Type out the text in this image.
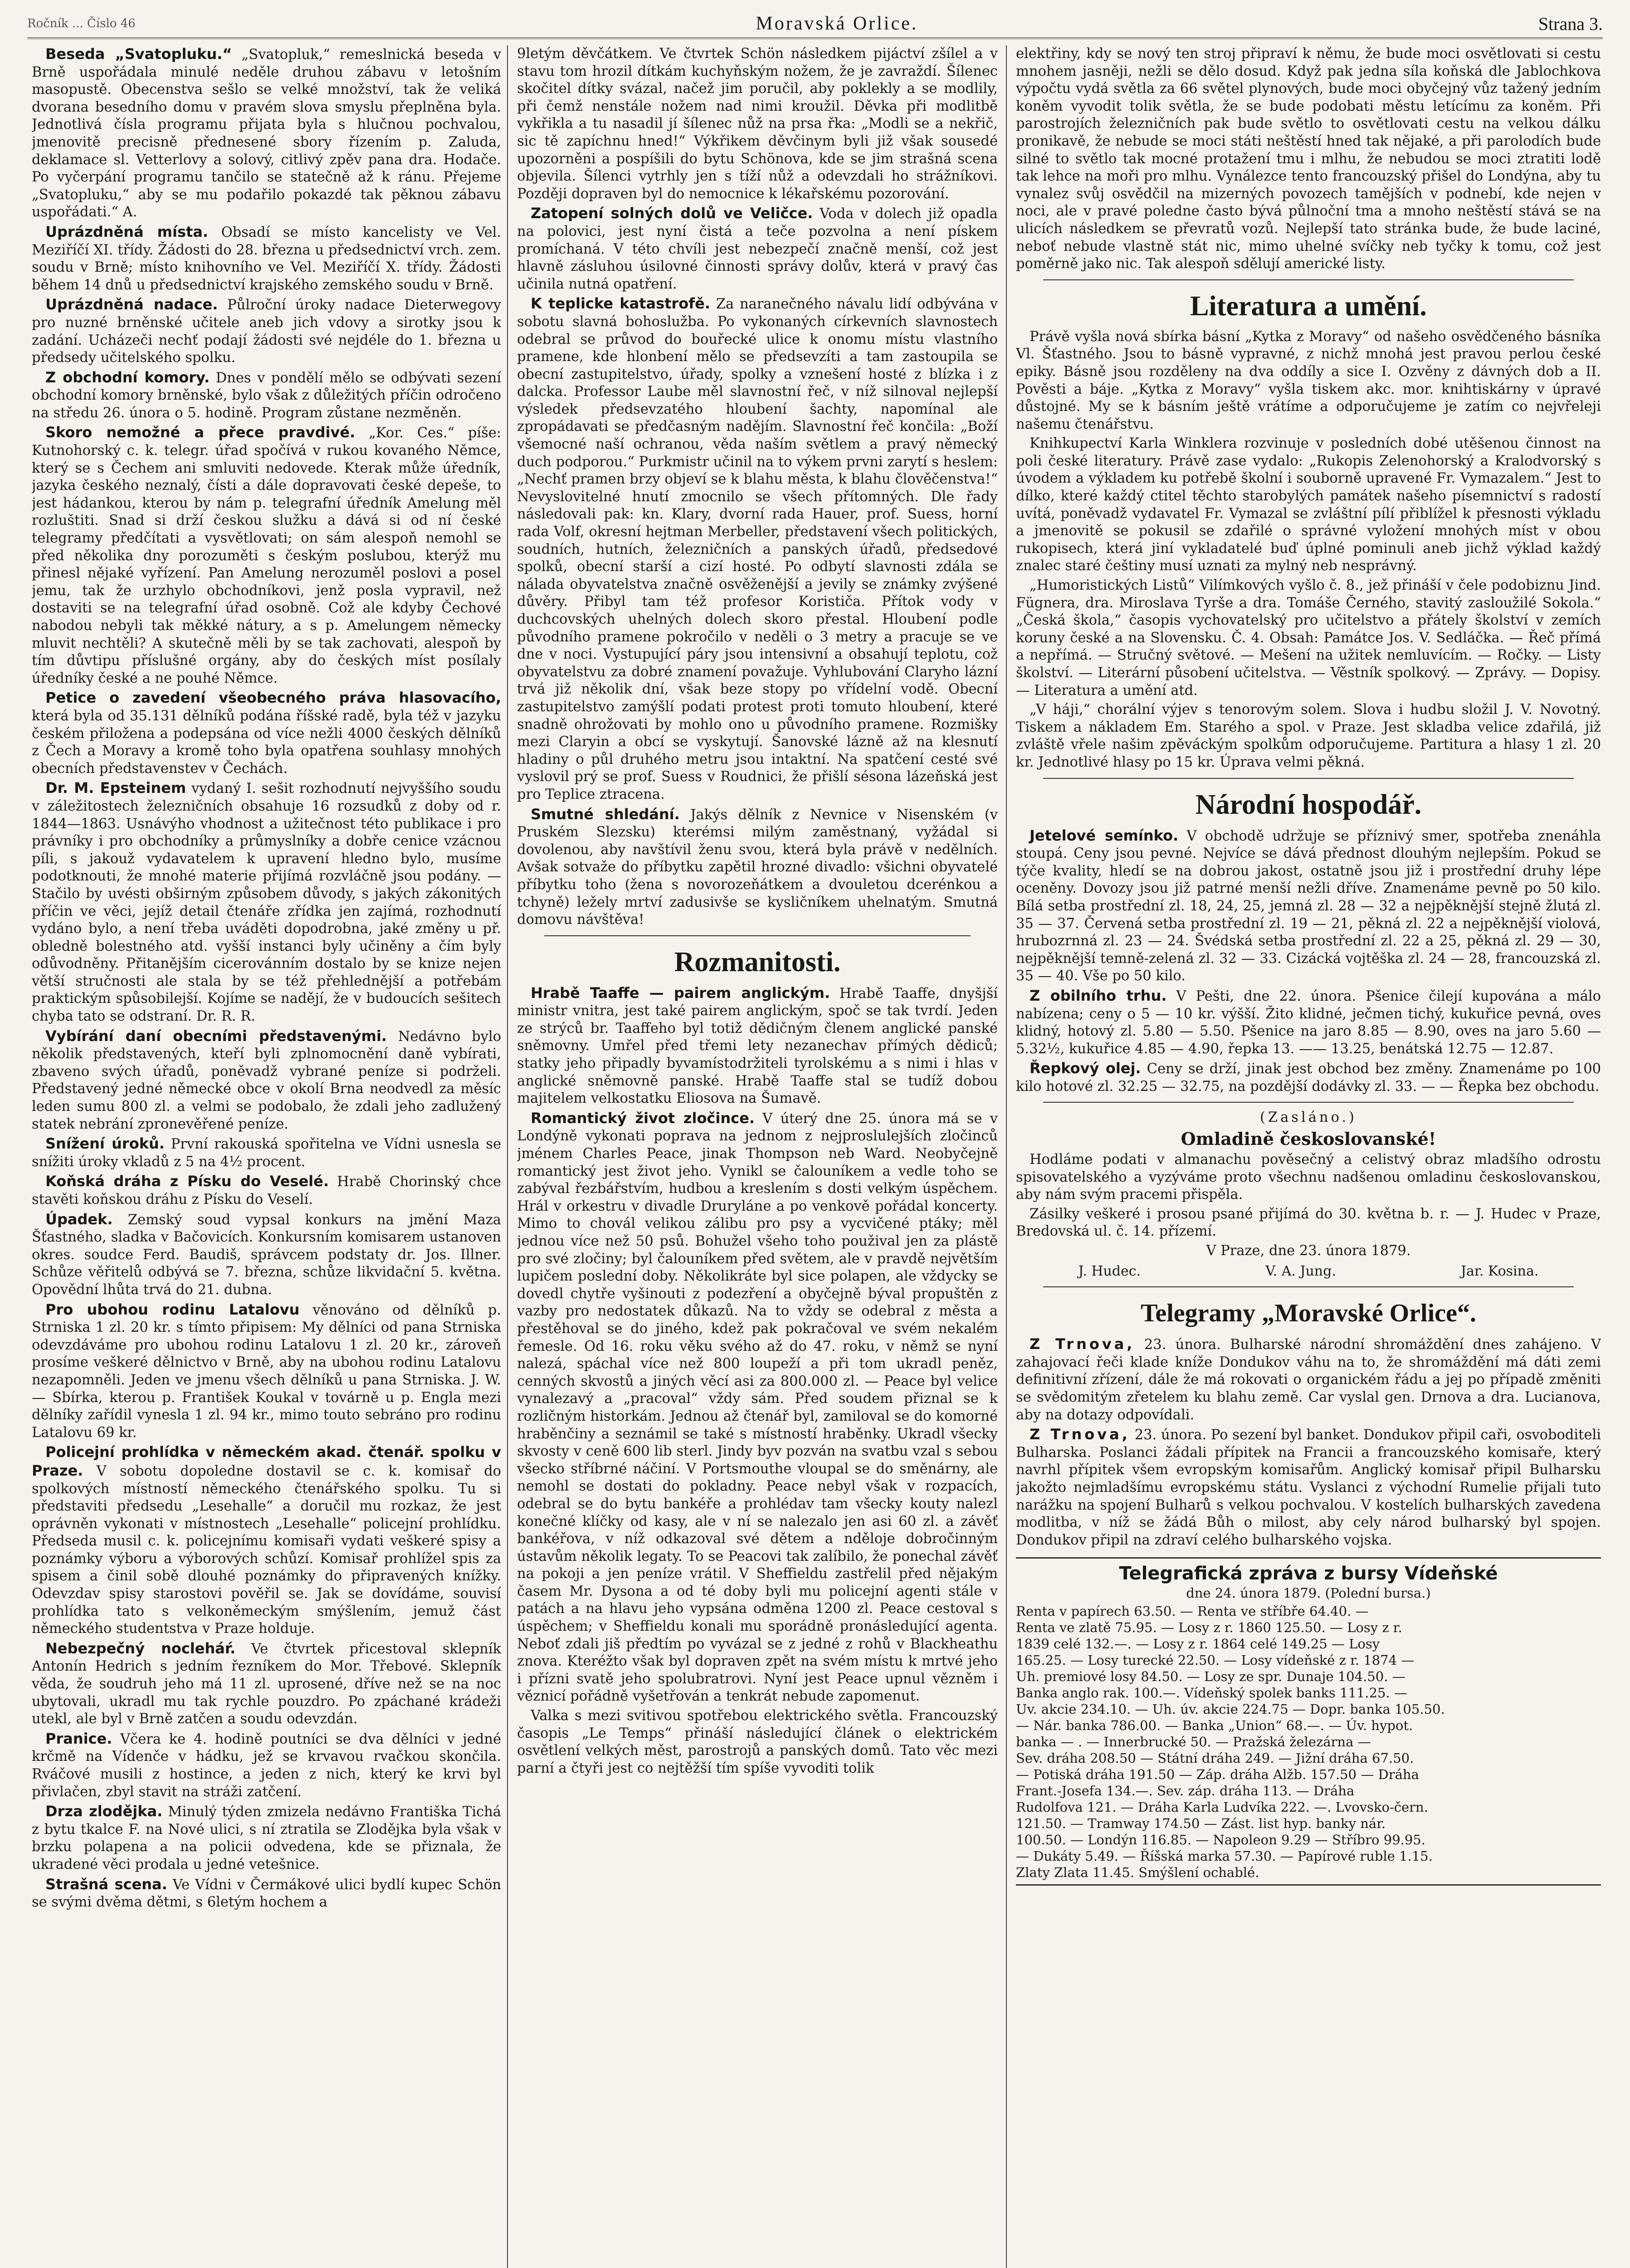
Ročník ... Číslo 46	Moravská Orlice.	Strana 3.

Beseda „Svatopluku.“ „Svatopluk,“ remeslnická beseda v Brně uspořádala minulé neděle druhou zábavu v letošním masopustě. Obecenstva sešlo se velké množství, tak že veliká dvorana besedního domu v pravém slova smyslu přeplněna byla. Jednotlivá čísla programu přijata byla s hlučnou pochvalou, jmenovitě precisně přednesené sbory řízením p. Zaluda, deklamace sl. Vetterlovy a solový, citlivý zpěv pana dra. Hodače. Po vyčerpání programu tančilo se statečně až k ránu. Přejeme „Svatopluku,“ aby se mu podařilo pokazdé tak pěknou zábavu uspořádati.“ A.

Uprázdněná místa. Obsadí se místo kancelisty ve Vel. Meziříčí XI. třídy. Žádosti do 28. března u předsednictví vrch. zem. soudu v Brně; místo knihovního ve Vel. Meziříčí X. třídy. Žádosti během 14 dnů u předsednictví krajského zemského soudu v Brně.

Uprázdněná nadace. Půlroční úroky nadace Dieterwegovy pro nuzné brněnské učitele aneb jich vdovy a sirotky jsou k zadání. Ucházeči nechť podají žádosti své nejdéle do 1. března u předsedy učitelského spolku.

Z obchodní komory. Dnes v pondělí mělo se odbývati sezení obchodní komory brněnské, bylo však z důležitých příčin odročeno na středu 26. února o 5. hodině. Program zůstane nezměněn.

Skoro nemožné a přece pravdivé. „Kor. Ces.“ píše: Kutnohorský c. k. telegr. úřad spočívá v rukou kovaného Němce, který se s Čechem ani smluviti nedovede. Kterak může úředník, jazyka českého neznalý, čísti a dále dopravovati české depeše, to jest hádankou, kterou by nám p. telegrafní úředník Amelung měl rozluštiti. Snad si drží českou služku a dává si od ní české telegramy předčítati a vysvětlovati; on sám alespoň nemohl se před několika dny porozuměti s českým poslubou, kterýž mu přinesl nějaké vyřízení. Pan Amelung nerozuměl poslovi a posel jemu, tak že urzhylo obchodníkovi, jenž posla vypravil, než dostaviti se na telegrafní úřad osobně. Což ale kdyby Čechové nabodou nebyli tak měkké nátury, a s p. Amelungem německy mluvit nechtěli? A skutečně měli by se tak zachovati, alespoň by tím důvtipu příslušné orgány, aby do českých míst posílaly úředníky české a ne pouhé Němce.

Petice o zavedení všeobecného práva hlasovacího, která byla od 35.131 dělníků podána říšské radě, byla též v jazyku českém přiložena a podepsána od více nežli 4000 českých dělníků z Čech a Moravy a kromě toho byla opatřena souhlasy mnohých obecních představenstev v Čechách.

Dr. M. Epsteinem vydaný I. sešit rozhodnutí nejvyššího soudu v záležitostech železničních obsahuje 16 rozsudků z doby od r. 1844—1863. Usnávýho vhodnost a užitečnost této publikace i pro právníky i pro obchodníky a průmyslníky a dobře cenice vzácnou píli, s jakouž vydavatelem k upravení hledno bylo, musíme podotknouti, že mnohé materie přijímá rozvláčně jsou podány. — Stačilo by uvésti obširným způsobem důvody, s jakých zákonitých příčin ve věci, jejíž detail čtenáře zřídka jen zajímá, rozhodnutí vydáno bylo, a není třeba uváděti dopodrobna, jaké změny u př. obledně bolestného atd. vyšší instanci byly učiněny a čím byly odůvodněny. Přitanějším cicerovánním dostalo by se knize nejen větší stručnosti ale stala by se též přehlednější a potřebám praktickým spůsobilejší. Kojíme se nadějí, že v budoucích sešitech chyba tato se odstraní. Dr. R. R.

Vybírání daní obecními představenými. Nedávno bylo několik představených, kteří byli zplnomocnění daně vybírati, zbaveno svých úřadů, poněvadž vybrané peníze si podrželi. Představený jedné německé obce v okolí Brna neodvedl za měsíc leden sumu 800 zl. a velmi se podobalo, že zdali jeho zadlužený statek nebrání zpronevěřené peníze.

Snížení úroků. První rakouská spořitelna ve Vídni usnesla se snížiti úroky vkladů z 5 na 4½ procent.

Koňská dráha z Písku do Veselé. Hrabě Chorinský chce stavěti koňskou dráhu z Písku do Veselí.

Úpadek. Zemský soud vypsal konkurs na jmění Maza Šťastného, sladka v Bačovicích. Konkursním komisarem ustanoven okres. soudce Ferd. Baudiš, správcem podstaty dr. Jos. Illner. Schůze věřitelů odbývá se 7. března, schůze likvidační 5. května. Opovědní lhůta trvá do 21. dubna.

Pro ubohou rodinu Latalovu věnováno od dělníků p. Strniska 1 zl. 20 kr. s tímto připisem: My dělníci od pana Strniska odevzdáváme pro ubohou rodinu Latalovu 1 zl. 20 kr., zároveň prosíme veškeré dělnictvo v Brně, aby na ubohou rodinu Latalovu nezapomněli. Jeden ve jmenu všech dělníků u pana Strniska. J. W. — Sbírka, kterou p. František Koukal v továrně u p. Engla mezi dělníky zařídil vynesla 1 zl. 94 kr., mimo touto sebráno pro rodinu Latalovu 69 kr.

Policejní prohlídka v německém akad. čtenář. spolku v Praze. V sobotu dopoledne dostavil se c. k. komisař do spolkových místností německého čtenářského spolku. Tu si představiti předsedu „Lesehalle“ a doručil mu rozkaz, že jest oprávněn vykonati v místnostech „Lesehalle“ policejní prohlídku. Předseda musil c. k. policejnímu komisaři vydati veškeré spisy a poznámky výboru a výborových schůzí. Komisař prohlížel spis za spisem a činil sobě dlouhé poznámky do připravených knížky. Odevzdav spisy starostovi pověřil se. Jak se dovídáme, souvisí prohlídka tato s velkoněmeckým smýšlením, jemuž část německého studentstva v Praze holduje.

Nebezpečný nocleháŕ. Ve čtvrtek přicestoval sklepník Antonín Hedrich s jedním řezníkem do Mor. Třebové. Sklepník věda, že soudruh jeho má 11 zl. uprosené, dříve než se na noc ubytovali, ukradl mu tak rychle pouzdro. Po zpáchané krádeži utekl, ale byl v Brně zatčen a soudu odevzdán.

Pranice. Včera ke 4. hodině poutníci se dva dělníci v jedné krčmě na Vídenče v hádku, jež se krvavou rvačkou skončila. Rváčové musili z hostince, a jeden z nich, který ke krvi byl přivlačen, zbyl stavit na stráži zatčení.

Drza zlodějka. Minulý týden zmizela nedávno Františka Tichá z bytu tkalce F. na Nové ulici, s ní ztratila se Zlodějka byla však v brzku polapena a na policii odvedena, kde se přiznala, že ukradené věci prodala u jedné vetešnice.

Strašná scena. Ve Vídni v Čermákové ulici bydlí kupec Schön se svými dvěma dětmi, s 6letým hochem a

9letým děvčátkem. Ve čtvrtek Schön následkem pijáctví zšílel a v stavu tom hrozil dítkám kuchyňským nožem, že je zavraždí. Šílenec skočitel dítky svázal, načež jim poručil, aby poklekly a se modlily, při čemž nenstále nožem nad nimi kroužil. Děvka při modlitbě vykřikla a tu nasadil jí šílenec nůž na prsa řka: „Modli se a nekřič, sic tě zapíchnu hned!“ Výkřikem děvčinym byli již však sousedé upozorněni a pospíšili do bytu Schönova, kde se jim strašná scena objevila. Šílenci vytrhly jen s tíží nůž a odevzdali ho strážníkovi. Později dopraven byl do nemocnice k lékařskému pozorování.

Zatopení solných dolů ve Veličce. Voda v dolech již opadla na polovici, jest nyní čistá a teče pozvolna a není pískem promíchaná. V této chvíli jest nebezpečí značně menší, což jest hlavně zásluhou úsilovné činnosti správy dolův, která v pravý čas učinila nutná opatření.

K teplicke katastrofě. Za naranečného návalu lidí odbývána v sobotu slavná bohoslužba. Po vykonaných církevních slavnostech odebral se průvod do bouřecké ulice k onomu místu vlastního pramene, kde hlonbení mělo se předsevzíti a tam zastoupila se obecní zastupitelstvo, úřady, spolky a vznešení hosté z blízka i z dalcka. Professor Laube měl slavnostní řeč, v níž silnoval nejlepší výsledek předsevzatého hloubení šachty, napomínal ale zpropádavati se předčasným nadějím. Slavnostní řeč končila: „Boží všemocné naší ochranou, věda naším světlem a pravý německý duch podporou.“ Purkmistr učinil na to výkem prvni zarytí s heslem: „Nechť pramen brzy objeví se k blahu města, k blahu člověčenstva!“ Nevyslovitelné hnutí zmocnilo se všech přítomných. Dle řady následovali pak: kn. Klary, dvorní rada Hauer, prof. Suess, horní rada Volf, okresní hejtman Merbeller, představení všech politických, soudních, hutních, železničních a panských úřadů, předsedové spolků, obecní starší a cizí hosté. Po odbytí slavnosti zdála se nálada obyvatelstva značně osvěženější a jevily se známky zvýšené důvěry. Přibyl tam též profesor Korističa. Přítok vody v duchcovských uhelných dolech skoro přestal. Hloubení podle původního pramene pokročilo v neděli o 3 metry a pracuje se ve dne v noci. Vystupující páry jsou intensivní a obsahují teplotu, což obyvatelstvu za dobré znamení považuje. Vyhlubování Claryho lázní trvá již několik dní, však beze stopy po vřídelní vodě. Obecní zastupitelstvo zamýšlí podati protest proti tomuto hloubení, které snadně ohrožovati by mohlo ono u původního pramene. Rozmišky mezi Claryin a obcí se vyskytují. Šanovské lázně až na klesnutí hladiny o půl druhého metru jsou intaktní. Na spatčení cesté své vyslovil prý se prof. Suess v Roudnici, že přišlí sésona lázeňská jest pro Teplice ztracena.

Smutné shledání. Jakýs dělník z Nevnice v Nisenském (v Pruském Slezsku) kterémsi milým zaměstnaný, vyžádal si dovolenou, aby navštívil ženu svou, která byla právě v nedělních. Avšak sotvaže do příbytku zapětil hrozné divadlo: všichni obyvatelé příbytku toho (žena s novorozeňátkem a dvouletou dcerénkou a tchyně) ležely mrtví zadusivše se kysličníkem uhelnatým. Smutná domovu návštěva!

Rozmanitosti.

Hrabě Taaffe — pairem anglickým. Hrabě Taaffe, dnyšjší ministr vnitra, jest také pairem anglickým, spoč se tak tvrdí. Jeden ze strýců br. Taaffeho byl totiž dědičným členem anglické panské sněmovny. Umřel před třemi lety nezanechav přímých dědiců; statky jeho připadly byvamístodržiteli tyrolskému a s nimi i hlas v anglické sněmovně panské. Hrabě Taaffe stal se tudíž dobou majitelem velkostatku Eliosova na Šumavě.

Romantický život zločince. V úterý dne 25. února má se v Londýně vykonati poprava na jednom z nejproslulejších zločinců jménem Charles Peace, jinak Thompson neb Ward. Neobyčejně romantický jest život jeho. Vynikl se čalouníkem a vedle toho se zabýval řezbářstvím, hudbou a kreslením s dosti velkým úspěchem. Hrál v orkestru v divadle Druryláne a po venkově pořádal koncerty. Mimo to chovál velikou zálibu pro psy a vycvičené ptáky; měl jednou více než 50 psů. Bohužel všeho toho použival jen za plástě pro své zločiny; byl čalouníkem před světem, ale v pravdě největším lupičem poslední doby. Několikráte byl sice polapen, ale vždycky se dovedl chytře vyšinouti z podezření a obyčejně býval propuštěn z vazby pro nedostatek důkazů. Na to vždy se odebral z města a přestěhoval se do jiného, kdež pak pokračoval ve svém nekalém řemesle. Od 16. roku věku svého až do 47. roku, v němž se nyní nalezá, spáchal více než 800 loupeží a při tom ukradl peněz, cenných skvostů a jiných věcí asi za 800.000 zl. — Peace byl velice vynalezavý a „pracoval“ vždy sám. Před soudem přiznal se k rozličným historkám. Jednou až čtenář byl, zamiloval se do komorné hraběnčiny a seznámil se také s místností hraběnky. Ukradl všecky skvosty v ceně 600 lib sterl. Jindy byv pozván na svatbu vzal s sebou všecko stříbrné náčiní. V Portsmouthe vloupal se do směnárny, ale nemohl se dostati do pokladny. Peace nebyl však v rozpacích, odebral se do bytu bankéře a prohlédav tam všecky kouty nalezl konečné klíčky od kasy, ale v ní se nalezalo jen asi 60 zl. a závěť bankéřova, v níž odkazoval své dětem a nděloje dobročinným ústavům několik legaty. To se Peacovi tak zalíbilo, že ponechal závěť na pokoji a jen peníze vrátil. V Sheffieldu zastřelil před nějakým časem Mr. Dysona a od té doby byli mu policejní agenti stále v patách a na hlavu jeho vypsána odměna 1200 zl. Peace cestoval s úspěchem; v Sheffieldu konali mu sporádně pronásledující agenta. Neboť zdali jiš předtím po vyvázal se z jedné z rohů v Blackheathu znova. Kteréžto však byl dopraven zpět na svém místu k mrtvé jeho i přízni svatě jeho spolubratrovi. Nyní jest Peace upnul vězněm i věznicí pořádně vyšetřován a tenkrát nebude zapomenut.

Valka s mezi svitivou spotřebou elektrického světla. Francouzský časopis „Le Temps“ přináší následující článek o elektrickém osvětlení velkých měst, parostrojů a panských domů. Tato věc mezi parní a čtyři jest co nejtěžší tím spíše vyvoditi tolik

elektřiny, kdy se nový ten stroj připraví k němu, že bude moci osvětlovati si cestu mnohem jasněji, nežli se dělo dosud. Když pak jedna síla koňská dle Jablochkova výpočtu vydá světla za 66 světel plynových, bude moci obyčejný vůz tažený jedním koněm vyvodit tolik světla, že se bude podobati městu letícímu za koněm. Při parostrojích železničních pak bude světlo to osvětlovati cestu na velkou dálku pronikavě, že nebude se moci státi neštěstí hned tak nějaké, a při parolodích bude silné to světlo tak mocné protažení tmu i mlhu, že nebudou se moci ztratiti lodě tak lehce na moři pro mlhu. Vynálezce tento francouzský přišel do Londýna, aby tu vynalez svůj osvědčil na mizerných povozech tamějších v podnebí, kde nejen v noci, ale v pravé poledne často bývá půlnoční tma a mnoho neštěstí stává se na ulicích následkem se převratů vozů. Nejlepší tato stránka bude, že bude laciné, neboť nebude vlastně stát nic, mimo uhelné svíčky neb tyčky k tomu, což jest poměrně jako nic. Tak alespoň sdělují americké listy.

Literatura a umění.

Právě vyšla nová sbírka básní „Kytka z Moravy“ od našeho osvědčeného básníka Vl. Šťastného. Jsou to básně vypravné, z nichž mnohá jest pravou perlou české epiky. Básně jsou rozděleny na dva oddíly a sice I. Ozvěny z dávných dob a II. Pověsti a báje. „Kytka z Moravy“ vyšla tiskem akc. mor. knihtiskárny v úpravé důstojné. My se k básním ještě vrátíme a odporučujeme je zatím co nejvřeleji našemu čtenářstvu.

Knihkupectví Karla Winklera rozvinuje v posledních dobé utěšenou činnost na poli české literatury. Právě zase vydalo: „Rukopis Zelenohorský a Kralodvorský s úvodem a výkladem ku potřebě školní i souborně upravené Fr. Vymazalem.“ Jest to dílko, které každý ctitel těchto starobylých památek našeho písemnictví s radostí uvítá, poněvadž vydavatel Fr. Vymazal se zvláštní pílí přiblížel k přesnosti výkladu a jmenovitě se pokusil se zdařilé o správné vyložení mnohých míst v obou rukopisech, která jiní vykladatelé buď úplné pominuli aneb jichž výklad každý znalec staré češtiny musí uznati za mylný neb nesprávný.

„Humoristických Listů“ Vilímkových vyšlo č. 8., jež přináší v čele podobiznu Jind. Fügnera, dra. Miroslava Tyrše a dra. Tomáše Černého, stavitý zasloužilé Sokola.“ „Česká škola,“ časopis vychovatelský pro učitelstvo a přátely školství v zemích koruny české a na Slovensku. Č. 4. Obsah: Památce Jos. V. Sedláčka. — Řeč přímá a nepřímá. — Stručný světové. — Mešení na užitek nemluvícím. — Ročky. — Listy školství. — Literární působení učitelstva. — Věstník spolkový. — Zprávy. — Dopisy. — Literatura a umění atd.

„V háji,“ chorální výjev s tenorovým solem. Slova i hudbu složil J. V. Novotný. Tiskem a nákladem Em. Starého a spol. v Praze. Jest skladba velice zdařilá, již zvláště vřele našim zpěváckým spolkům odporučujeme. Partitura a hlasy 1 zl. 20 kr. Jednotlivé hlasy po 15 kr. Úprava velmi pěkná.

Národní hospodář.

Jetelové semínko. V obchodě udržuje se příznivý smer, spotřeba znenáhla stoupá. Ceny jsou pevné. Nejvíce se dává přednost dlouhým nejlepším. Pokud se týče kvality, hledí se na dobrou jakost, ostatně jsou již i prostřední druhy lépe oceněny. Dovozy jsou již patrné menší nežli dříve. Znamenáme pevně po 50 kilo. Bílá setba prostřední zl. 18, 24, 25, jemná zl. 28 — 32 a nejpěknější stejně žlutá zl. 35 — 37. Červená setba prostřední zl. 19 — 21, pěkná zl. 22 a nejpěknější violová, hrubozrnná zl. 23 — 24. Švédská setba prostřední zl. 22 a 25, pěkná zl. 29 — 30, nejpěknější temně-zelená zl. 32 — 33. Cizácká vojtěška zl. 24 — 28, francouzská zl. 35 — 40. Vše po 50 kilo.

Z obilního trhu. V Pešti, dne 22. února. Pšenice čilejí kupována a málo nabízena; ceny o 5 — 10 kr. výšší. Žito klidné, ječmen tichý, kukuřice pevná, oves klidný, hotový zl. 5.80 — 5.50. Pšenice na jaro 8.85 — 8.90, oves na jaro 5.60 — 5.32½, kukuřice 4.85 — 4.90, řepka 13. —— 13.25, benátská 12.75 — 12.87.

Řepkový olej. Ceny se drží, jinak jest obchod bez změny. Znamenáme po 100 kilo hotové zl. 32.25 — 32.75, na pozdější dodávky zl. 33. — — Řepka bez obchodu.

(Zasláno.)

Omladině českoslovanské!

Hodláme podati v almanachu pověsečný a celistvý obraz mladšího odrostu spisovatelského a vyzýváme proto všechnu nadšenou omladinu českoslovanskou, aby nám svým pracemi přispěla.

Zásilky veškeré i prosou psané přijímá do 30. května b. r. — J. Hudec v Praze, Bredovská ul. č. 14. přízemí.

V Praze, dne 23. února 1879.

J. Hudec.	V. A. Jung.	Jar. Kosina.
Telegramy „Moravské Orlice“.

Z Trnova, 23. února. Bulharské národní shromáždění dnes zahájeno. V zahajovací řeči klade kníže Dondukov váhu na to, že shromáždění má dáti zemi definitivní zřízení, dále že má rokovati o organickém řádu a jej po případě změniti se svědomitým zřetelem ku blahu země. Car vyslal gen. Drnova a dra. Lucianova, aby na dotazy odpovídali.

Z Trnova, 23. února. Po sezení byl banket. Dondukov připil caři, osvoboditeli Bulharska. Poslanci žádali přípitek na Francii a francouzského komisaře, který navrhl přípitek všem evropským komisařům. Anglický komisař připil Bulharsku jakožto nejmladšímu evropskému státu. Vyslanci z východní Rumelie přijali tuto narážku na spojení Bulharů s velkou pochvalou. V kostelích bulharských zavedena modlitba, v níž se žádá Bůh o milost, aby cely národ bulharský byl spojen. Dondukov připil na zdraví celého bulharského vojska.

Telegrafická zpráva z bursy Vídeňské

dne 24. února 1879. (Polední bursa.)

Renta v papírech 63.50. — Renta ve stříbře 64.40. —
Renta ve zlatě 75.95. — Losy z r. 1860 125.50. — Losy z r.
1839 celé 132.—. — Losy z r. 1864 celé 149.25 — Losy
165.25. — Losy turecké 22.50. — Losy vídeňské z r. 1874 —
Uh. premiové losy 84.50. — Losy ze spr. Dunaje 104.50. —
Banka anglo rak. 100.—. Vídeňský spolek banks 111.25. —
Uv. akcie 234.10. — Uh. úv. akcie 224.75 — Dopr. banka 105.50.
— Nár. banka 786.00. — Banka „Union“ 68.—. — Úv. hypot.
banka — . — Innerbrucké 50. — Pražská železárna —
Sev. dráha 208.50 — Státní dráha 249. — Jižní dráha 67.50.
— Potiská dráha 191.50 — Záp. dráha Alžb. 157.50 — Dráha
Frant.-Josefa 134.—. Sev. záp. dráha 113. — Dráha
Rudolfova 121. — Dráha Karla Ludvíka 222. —. Lvovsko-čern.
121.50. — Tramway 174.50 — Zást. list hyp. banky nár.
100.50. — Londýn 116.85. — Napoleon 9.29 — Stříbro 99.95.
— Dukáty 5.49. — Říšská marka 57.30. — Papírové ruble 1.15.
Zlaty Zlata 11.45. Smýšlení ochablé.
